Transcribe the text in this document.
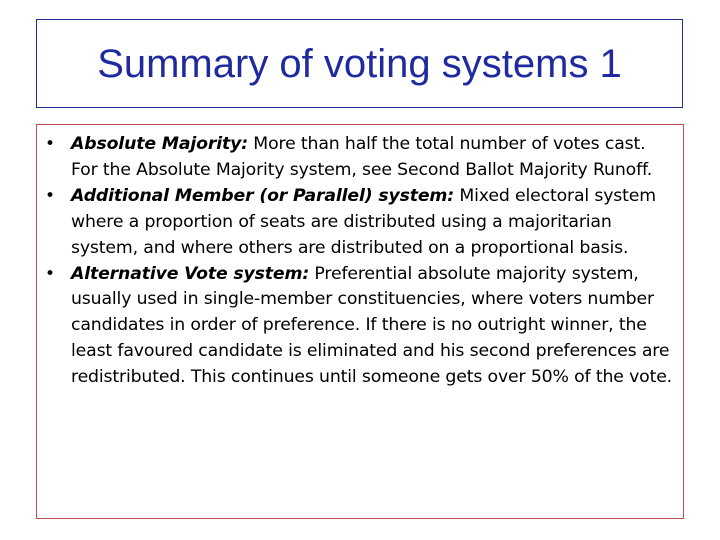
Summary of voting systems 1
• Absolute Majority: More than half the total number of votes cast. For the Absolute Majority system, see Second Ballot Majority Runoff.
• Additional Member (or Parallel) system: Mixed electoral system where a proportion of seats are distributed using a majoritarian system, and where others are distributed on a proportional basis.
• Alternative Vote system: Preferential absolute majority system, usually used in single-member constituencies, where voters number candidates in order of preference. If there is no outright winner, the least favoured candidate is eliminated and his second preferences are redistributed. This continues until someone gets over 50% of the vote.
